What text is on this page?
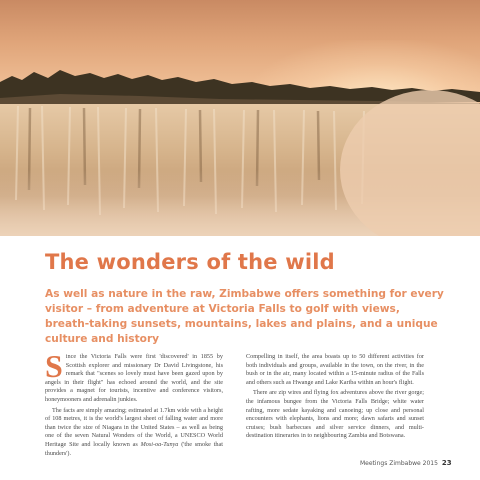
The wonders of the wild

As well as nature in the raw, Zimbabwe offers something for every visitor – from adventure at Victoria Falls to golf with views, breath-taking sunsets, mountains, lakes and plains, and a unique culture and history

Since the Victoria Falls were first 'discovered' in 1855 by Scottish explorer and missionary Dr David Livingstone, his remark that "scenes so lovely must have been gazed upon by angels in their flight" has echoed around the world, and the site provides a magnet for tourists, incentive and conference visitors, honeymooners and adrenalin junkies.

The facts are simply amazing; estimated at 1.7km wide with a height of 108 metres, it is the world's largest sheet of falling water and more than twice the size of Niagara in the United States – as well as being one of the seven Natural Wonders of the World, a UNESCO World Heritage Site and locally known as Mosi-oa-Tunya ('the smoke that thunders').

Compelling in itself, the area boasts up to 50 different activities for both individuals and groups, available in the town, on the river, in the bush or in the air, many located within a 15-minute radius of the Falls and others such as Hwange and Lake Kariba within an hour's flight.

There are zip wires and flying fox adventures above the river gorge; the infamous bungee from the Victoria Falls Bridge; white water rafting, more sedate kayaking and canoeing; up close and personal encounters with elephants, lions and more; dawn safaris and sunset cruises; bush barbecues and silver service dinners, and multi-destination itineraries in to neighbouring Zambia and Botswana.

Meetings Zimbabwe 2015 23
